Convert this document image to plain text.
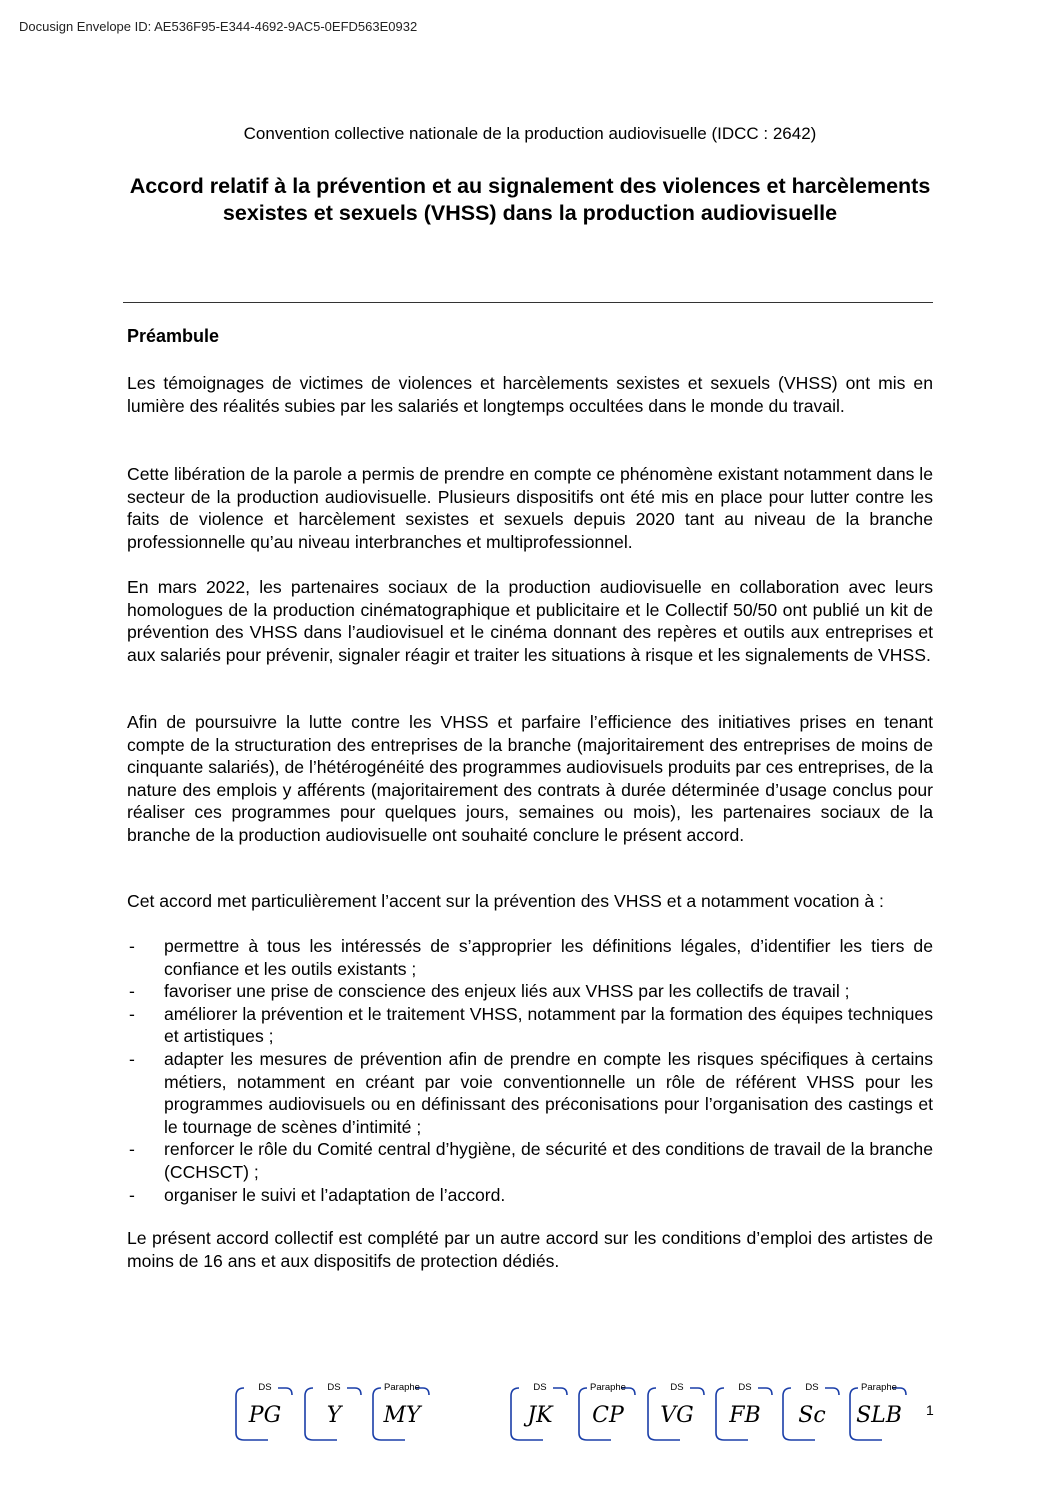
Docusign Envelope ID: AE536F95-E344-4692-9AC5-0EFD563E0932
Convention collective nationale de la production audiovisuelle (IDCC : 2642)
Accord relatif à la prévention et au signalement des violences et harcèlements sexistes et sexuels (VHSS) dans la production audiovisuelle
Préambule

Les témoignages de victimes de violences et harcèlements sexistes et sexuels (VHSS) ont mis en lumière des réalités subies par les salariés et longtemps occultées dans le monde du travail.

Cette libération de la parole a permis de prendre en compte ce phénomène existant notamment dans le secteur de la production audiovisuelle. Plusieurs dispositifs ont été mis en place pour lutter contre les faits de violence et harcèlement sexistes et sexuels depuis 2020 tant au niveau de la branche professionnelle qu’au niveau interbranches et multiprofessionnel.

En mars 2022, les partenaires sociaux de la production audiovisuelle en collaboration avec leurs homologues de la production cinématographique et publicitaire et le Collectif 50/50 ont publié un kit de prévention des VHSS dans l’audiovisuel et le cinéma donnant des repères et outils aux entreprises et aux salariés pour prévenir, signaler réagir et traiter les situations à risque et les signalements de VHSS.

Afin de poursuivre la lutte contre les VHSS et parfaire l’efficience des initiatives prises en tenant compte de la structuration des entreprises de la branche (majoritairement des entreprises de moins de cinquante salariés), de l’hétérogénéité des programmes audiovisuels produits par ces entreprises, de la nature des emplois y afférents (majoritairement des contrats à durée déterminée d’usage conclus pour réaliser ces programmes pour quelques jours, semaines ou mois), les partenaires sociaux de la branche de la production audiovisuelle ont souhaité conclure le présent accord.

Cet accord met particulièrement l’accent sur la prévention des VHSS et a notamment vocation à :

- permettre à tous les intéressés de s’approprier les définitions légales, d’identifier les tiers de confiance et les outils existants ;
- favoriser une prise de conscience des enjeux liés aux VHSS par les collectifs de travail ;
- améliorer la prévention et le traitement VHSS, notamment par la formation des équipes techniques et artistiques ;
- adapter les mesures de prévention afin de prendre en compte les risques spécifiques à certains métiers, notamment en créant par voie conventionnelle un rôle de référent VHSS pour les programmes audiovisuels ou en définissant des préconisations pour l’organisation des castings et le tournage de scènes d’intimité ;
- renforcer le rôle du Comité central d’hygiène, de sécurité et des conditions de travail de la branche (CCHSCT) ;
- organiser le suivi et l’adaptation de l’accord.

Le présent accord collectif est complété par un autre accord sur les conditions d’emploi des artistes de moins de 16 ans et aux dispositifs de protection dédiés.

DS
PG
DS
Y
Paraphe
MY
DS
JK
Paraphe
CP
DS
VG
DS
FB
DS
Sc
Paraphe
SLB	1
